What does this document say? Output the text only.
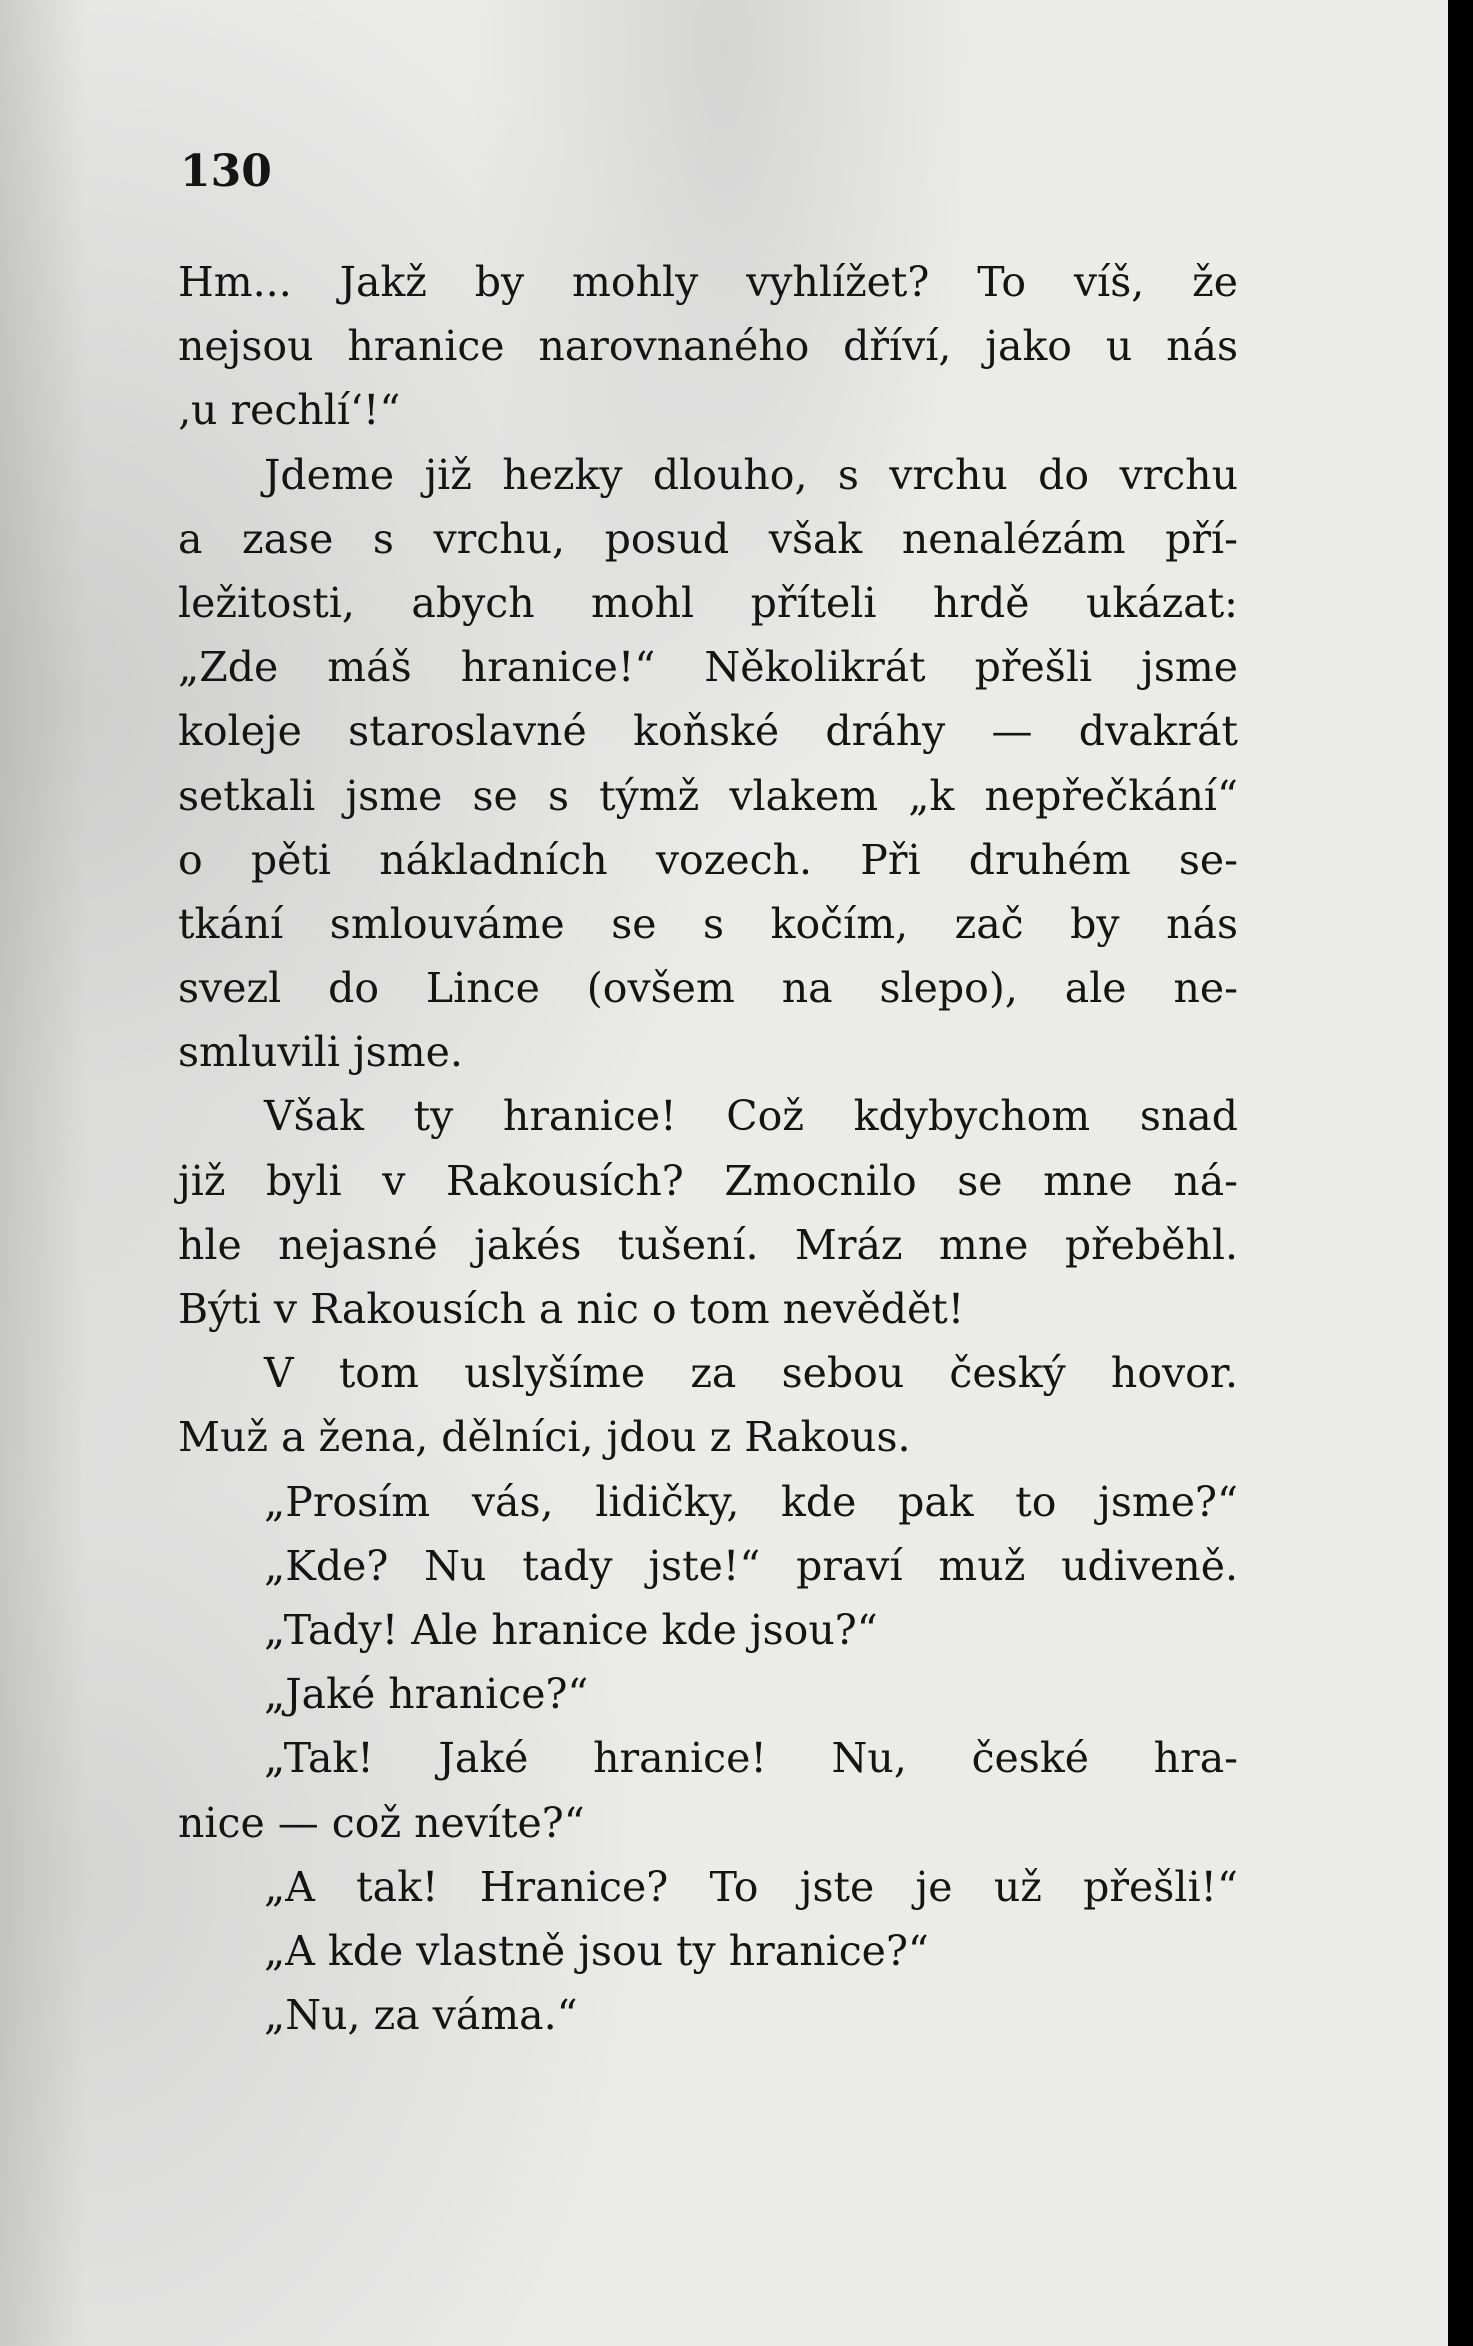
130
Hm... Jakž by mohly vyhlížet? To víš, že
nejsou hranice narovnaného dříví, jako u nás
‚u rechlí‘!“
Jdeme již hezky dlouho, s vrchu do vrchu
a zase s vrchu, posud však nenalézám pří-
ležitosti, abych mohl příteli hrdě ukázat:
„Zde máš hranice!“ Několikrát přešli jsme
koleje staroslavné koňské dráhy — dvakrát
setkali jsme se s týmž vlakem „k nepřečkání“
o pěti nákladních vozech. Při druhém se-
tkání smlouváme se s kočím, zač by nás
svezl do Lince (ovšem na slepo), ale ne-
smluvili jsme.
Však ty hranice! Což kdybychom snad
již byli v Rakousích? Zmocnilo se mne ná-
hle nejasné jakés tušení. Mráz mne přeběhl.
Býti v Rakousích a nic o tom nevědět!
V tom uslyšíme za sebou český hovor.
Muž a žena, dělníci, jdou z Rakous.
„Prosím vás, lidičky, kde pak to jsme?“
„Kde? Nu tady jste!“ praví muž udiveně.
„Tady! Ale hranice kde jsou?“
„Jaké hranice?“
„Tak! Jaké hranice! Nu, české hra-
nice — což nevíte?“
„A tak! Hranice? To jste je už přešli!“
„A kde vlastně jsou ty hranice?“
„Nu, za váma.“
